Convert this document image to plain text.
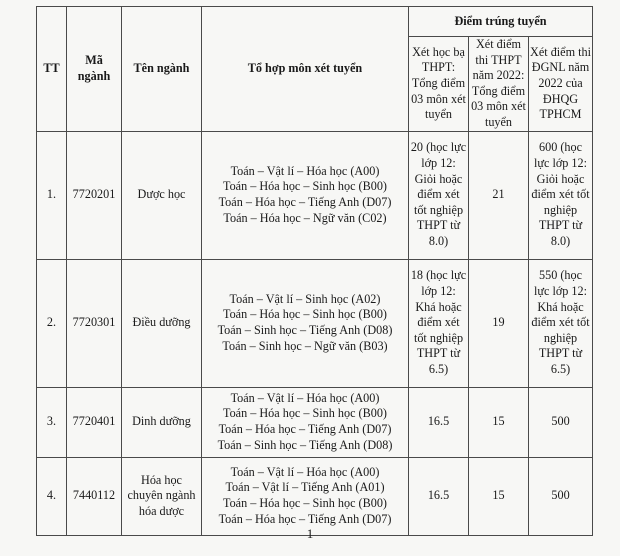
TT	Mã ngành	Tên ngành	Tổ hợp môn xét tuyển	Điểm trúng tuyển		
				Xét học bạ THPT: Tổng điểm 03 môn xét tuyển	Xét điểm thi THPT năm 2022: Tổng điểm 03 môn xét tuyển	Xét điểm thi ĐGNL năm 2022 của ĐHQG TPHCM
1.	7720201	Dược học	Toán – Vật lí – Hóa học (A00)
Toán – Hóa học – Sinh học (B00)
Toán – Hóa học – Tiếng Anh (D07)
Toán – Hóa học – Ngữ văn (C02)	20 (học lực lớp 12: Giỏi hoặc điểm xét tốt nghiệp THPT từ 8.0)	21	600 (học lực lớp 12: Giỏi hoặc điểm xét tốt nghiệp THPT từ 8.0)
2.	7720301	Điều dưỡng	Toán – Vật lí – Sinh học (A02)
Toán – Hóa học – Sinh học (B00)
Toán – Sinh học – Tiếng Anh (D08)
Toán – Sinh học – Ngữ văn (B03)	18 (học lực lớp 12: Khá hoặc điểm xét tốt nghiệp THPT từ 6.5)	19	550 (học lực lớp 12: Khá hoặc điểm xét tốt nghiệp THPT từ 6.5)
3.	7720401	Dinh dưỡng	Toán – Vật lí – Hóa học (A00)
Toán – Hóa học – Sinh học (B00)
Toán – Hóa học – Tiếng Anh (D07)
Toán – Sinh học – Tiếng Anh (D08)	16.5	15	500
4.	7440112	Hóa học chuyên ngành hóa dược	Toán – Vật lí – Hóa học (A00)
Toán – Vật lí – Tiếng Anh (A01)
Toán – Hóa học – Sinh học (B00)
Toán – Hóa học – Tiếng Anh (D07)	16.5	15	500
1
